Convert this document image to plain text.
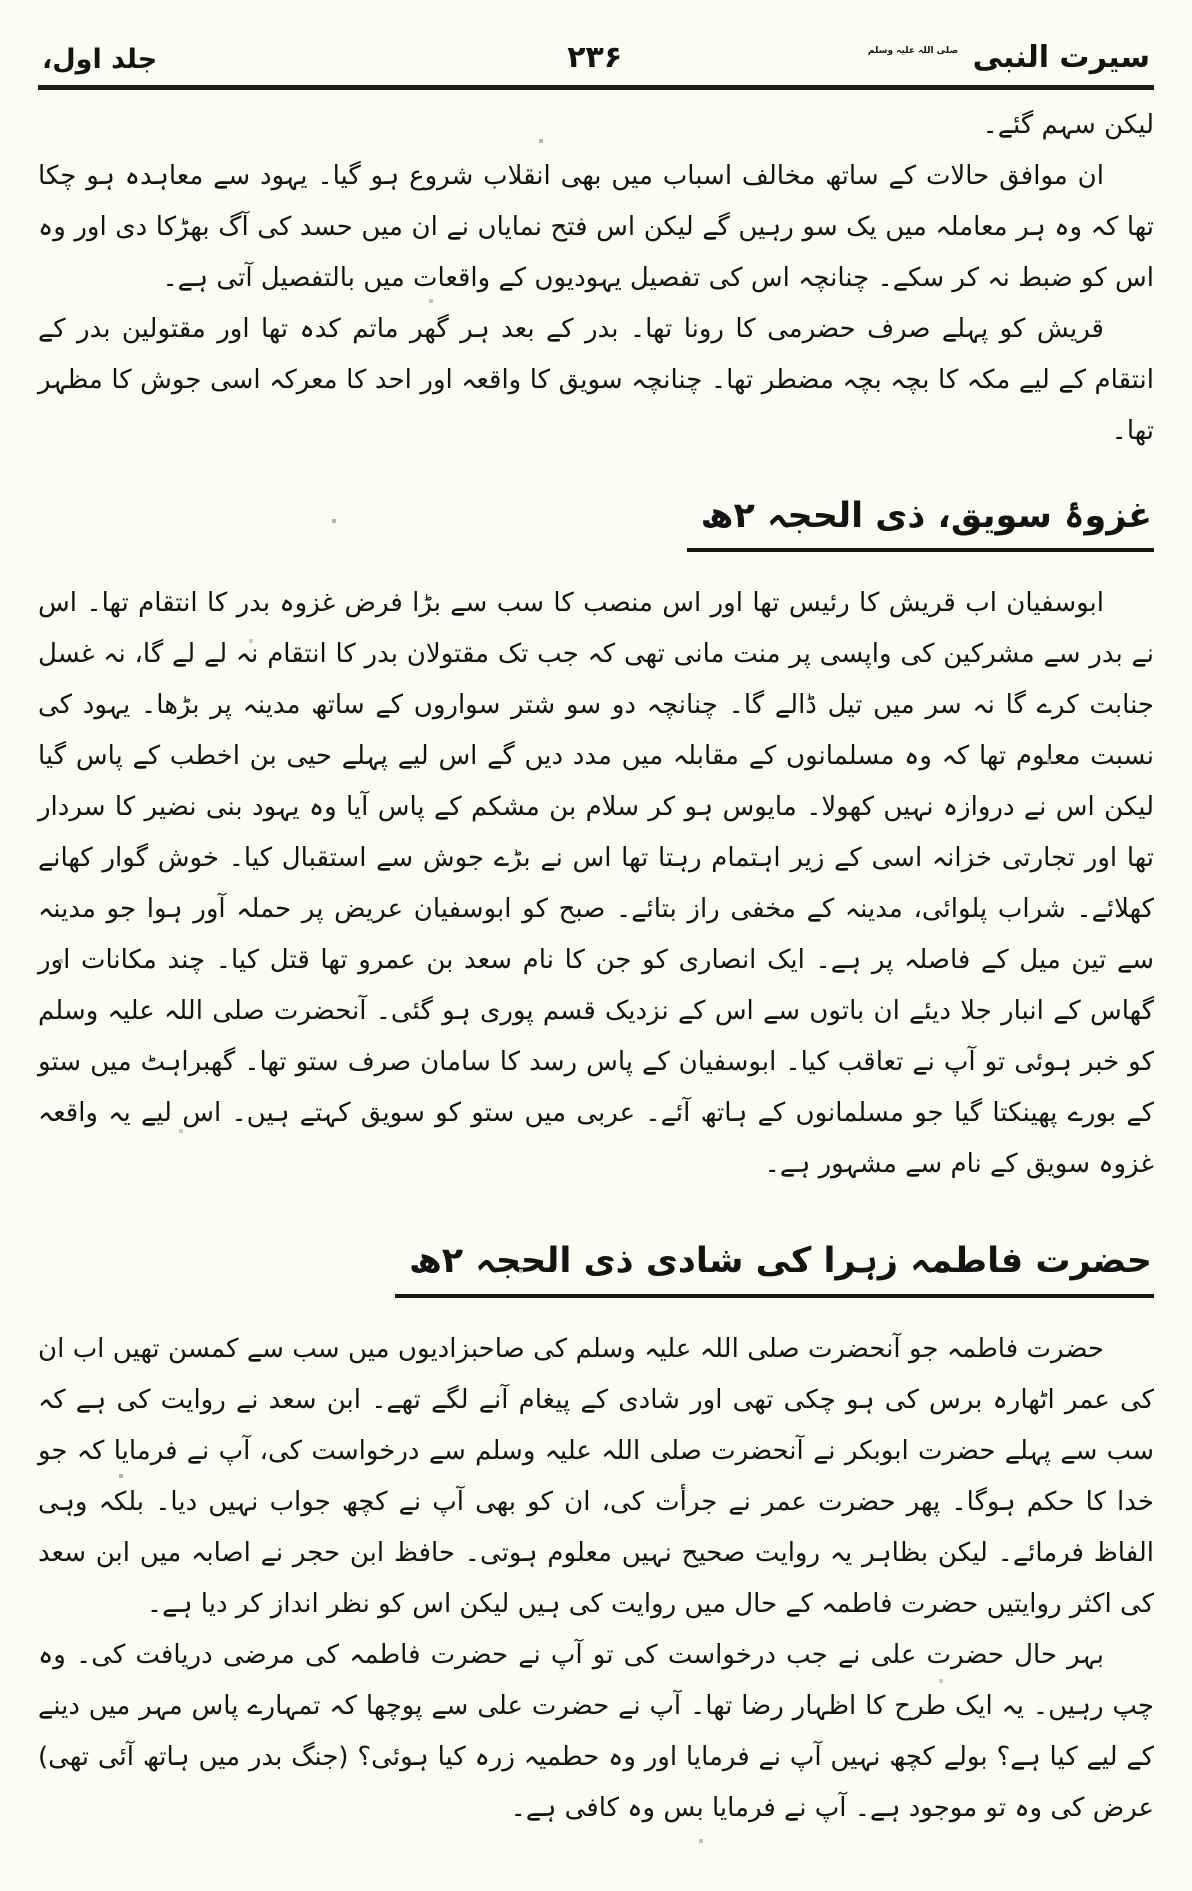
سیرت النبی صلی اللہ علیہ وسلم
۲۳۶
جلد اول،

لیکن سہم گئے۔

ان موافق حالات کے ساتھ مخالف اسباب میں بھی انقلاب شروع ہو گیا۔ یہود سے معاہدہ ہو چکا تھا کہ وہ ہر معاملہ میں یک سو رہیں گے لیکن اس فتح نمایاں نے ان میں حسد کی آگ بھڑکا دی اور وہ اس کو ضبط نہ کر سکے۔ چنانچہ اس کی تفصیل یہودیوں کے واقعات میں بالتفصیل آتی ہے۔

قریش کو پہلے صرف حضرمی کا رونا تھا۔ بدر کے بعد ہر گھر ماتم کدہ تھا اور مقتولین بدر کے انتقام کے لیے مکہ کا بچہ بچہ مضطر تھا۔ چنانچہ سویق کا واقعہ اور احد کا معرکہ اسی جوش کا مظہر تھا۔

غزوۂ سویق، ذی الحجہ ۲ھ

ابوسفیان اب قریش کا رئیس تھا اور اس منصب کا سب سے بڑا فرض غزوہ بدر کا انتقام تھا۔ اس نے بدر سے مشرکین کی واپسی پر منت مانی تھی کہ جب تک مقتولان بدر کا انتقام نہ لے لے گا، نہ غسل جنابت کرے گا نہ سر میں تیل ڈالے گا۔ چنانچہ دو سو شتر سواروں کے ساتھ مدینہ پر بڑھا۔ یہود کی نسبت معلوم تھا کہ وہ مسلمانوں کے مقابلہ میں مدد دیں گے اس لیے پہلے حیی بن اخطب کے پاس گیا لیکن اس نے دروازہ نہیں کھولا۔ مایوس ہو کر سلام بن مشکم کے پاس آیا وہ یہود بنی نضیر کا سردار تھا اور تجارتی خزانہ اسی کے زیر اہتمام رہتا تھا اس نے بڑے جوش سے استقبال کیا۔ خوش گوار کھانے کھلائے۔ شراب پلوائی، مدینہ کے مخفی راز بتائے۔ صبح کو ابوسفیان عریض پر حملہ آور ہوا جو مدینہ سے تین میل کے فاصلہ پر ہے۔ ایک انصاری کو جن کا نام سعد بن عمرو تھا قتل کیا۔ چند مکانات اور گھاس کے انبار جلا دیئے ان باتوں سے اس کے نزدیک قسم پوری ہو گئی۔ آنحضرت صلی اللہ علیہ وسلم کو خبر ہوئی تو آپ نے تعاقب کیا۔ ابوسفیان کے پاس رسد کا سامان صرف ستو تھا۔ گھبراہٹ میں ستو کے بورے پھینکتا گیا جو مسلمانوں کے ہاتھ آئے۔ عربی میں ستو کو سویق کہتے ہیں۔ اس لیے یہ واقعہ غزوہ سویق کے نام سے مشہور ہے۔

حضرت فاطمہ زہرا کی شادی ذی الحجہ ۲ھ

حضرت فاطمہ جو آنحضرت صلی اللہ علیہ وسلم کی صاحبزادیوں میں سب سے کمسن تھیں اب ان کی عمر اٹھارہ برس کی ہو چکی تھی اور شادی کے پیغام آنے لگے تھے۔ ابن سعد نے روایت کی ہے کہ سب سے پہلے حضرت ابوبکر نے آنحضرت صلی اللہ علیہ وسلم سے درخواست کی، آپ نے فرمایا کہ جو خدا کا حکم ہوگا۔ پھر حضرت عمر نے جرأت کی، ان کو بھی آپ نے کچھ جواب نہیں دیا۔ بلکہ وہی الفاظ فرمائے۔ لیکن بظاہر یہ روایت صحیح نہیں معلوم ہوتی۔ حافظ ابن حجر نے اصابہ میں ابن سعد کی اکثر روایتیں حضرت فاطمہ کے حال میں روایت کی ہیں لیکن اس کو نظر انداز کر دیا ہے۔

بہر حال حضرت علی نے جب درخواست کی تو آپ نے حضرت فاطمہ کی مرضی دریافت کی۔ وہ چپ رہیں۔ یہ ایک طرح کا اظہار رضا تھا۔ آپ نے حضرت علی سے پوچھا کہ تمہارے پاس مہر میں دینے کے لیے کیا ہے؟ بولے کچھ نہیں آپ نے فرمایا اور وہ حطمیہ زرہ کیا ہوئی؟ (جنگ بدر میں ہاتھ آئی تھی) عرض کی وہ تو موجود ہے۔ آپ نے فرمایا بس وہ کافی ہے۔
